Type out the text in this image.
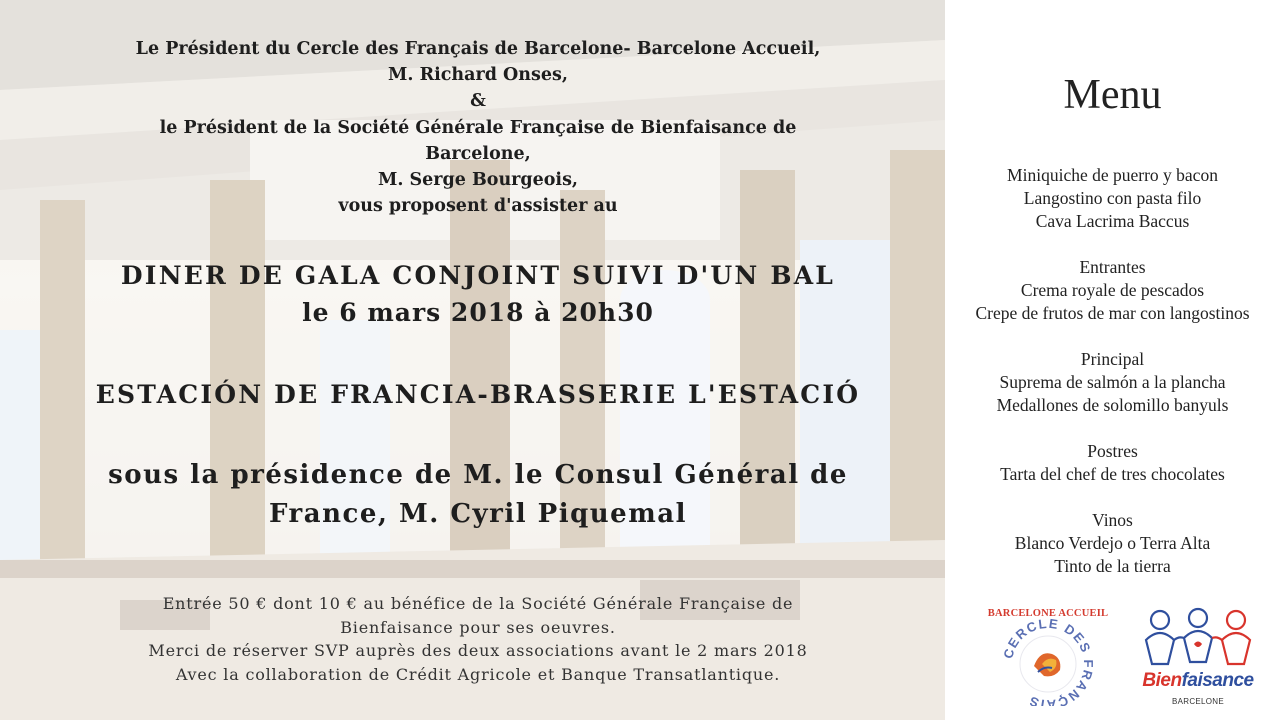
Le Président du Cercle des Français de Barcelone- Barcelone Accueil,
M. Richard Onses,
&
le Président de la Société Générale Française de Bienfaisance de
Barcelone,
M. Serge Bourgeois,
vous proposent d'assister au
DINER DE GALA CONJOINT SUIVI D'UN BAL
le 6 mars 2018 à 20h30
ESTACIÓN DE FRANCIA-BRASSERIE L'ESTACIÓ
sous la présidence de M. le Consul Général de
France, M. Cyril Piquemal
Entrée 50 € dont 10 € au bénéfice de la Société Générale Française de
Bienfaisance pour ses oeuvres.
Merci de réserver SVP auprès des deux associations avant le 2 mars 2018
Avec la collaboration de Crédit Agricole et Banque Transatlantique.
Menu
Miniquiche de puerro y bacon
Langostino con pasta filo
Cava Lacrima Baccus
Entrantes
Crema royale de pescados
Crepe de frutos de mar con langostinos
Principal
Suprema de salmón a la plancha
Medallones de solomillo banyuls
Postres
Tarta del chef de tres chocolates
Vinos
Blanco Verdejo o Terra Alta
Tinto de la tierra
BARCELONE ACCUEIL
CERCLE DES FRANÇAIS
Bienfaisance
BARCELONE
